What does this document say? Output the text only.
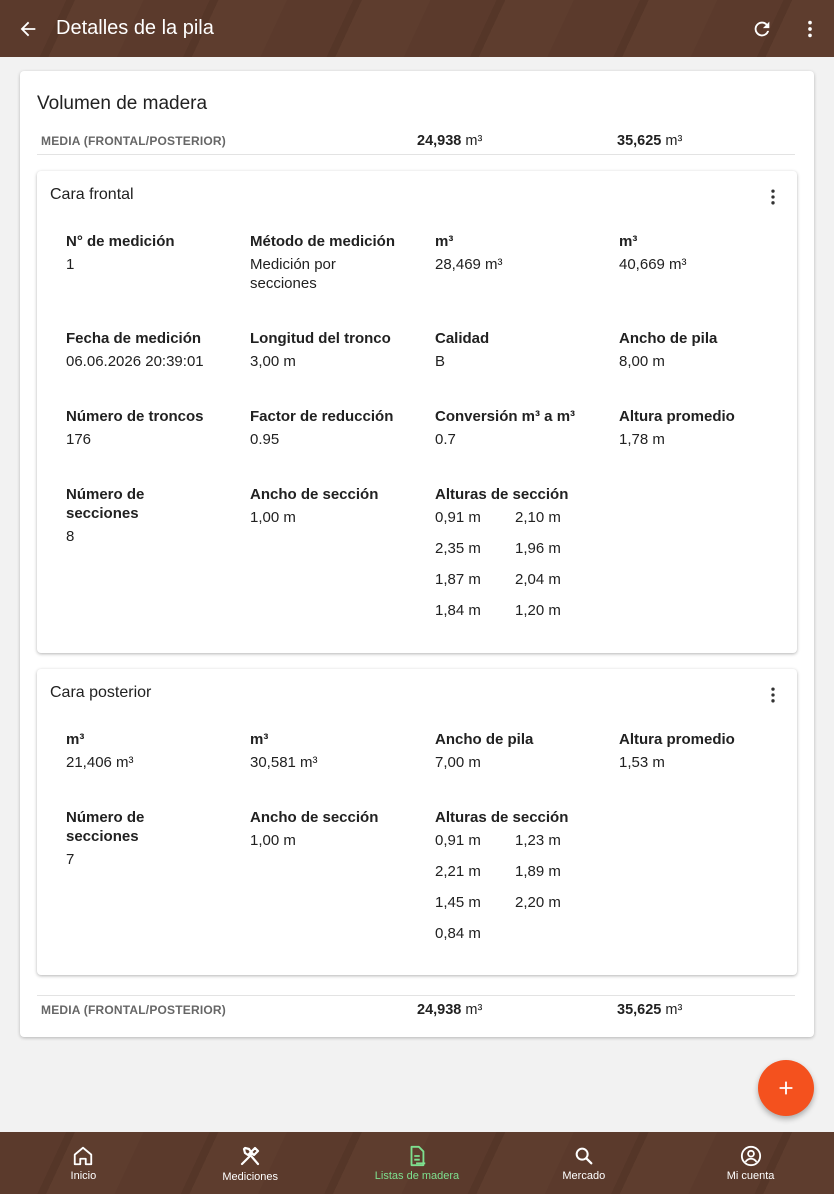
Detalles de la pila
Volumen de madera
MEDIA (FRONTAL/POSTERIOR)	24,938 m³	35,625 m³
Cara frontal
N° de medición
1
Método de medición
Medición por secciones
m³
28,469 m³
m³
40,669 m³
Fecha de medición
06.06.2026 20:39:01
Longitud del tronco
3,00 m
Calidad
B
Ancho de pila
8,00 m
Número de troncos
176
Factor de reducción
0.95
Conversión m³ a m³
0.7
Altura promedio
1,78 m
Número de secciones
8
Ancho de sección
1,00 m
Alturas de sección
0,91 m	2,10 m
2,35 m	1,96 m
1,87 m	2,04 m
1,84 m	1,20 m
Cara posterior
m³
21,406 m³
m³
30,581 m³
Ancho de pila
7,00 m
Altura promedio
1,53 m
Número de secciones
7
Ancho de sección
1,00 m
Alturas de sección
0,91 m	1,23 m
2,21 m	1,89 m
1,45 m	2,20 m
0,84 m
MEDIA (FRONTAL/POSTERIOR)	24,938 m³	35,625 m³
Inicio	Mediciones	Listas de madera	Mercado	Mi cuenta
